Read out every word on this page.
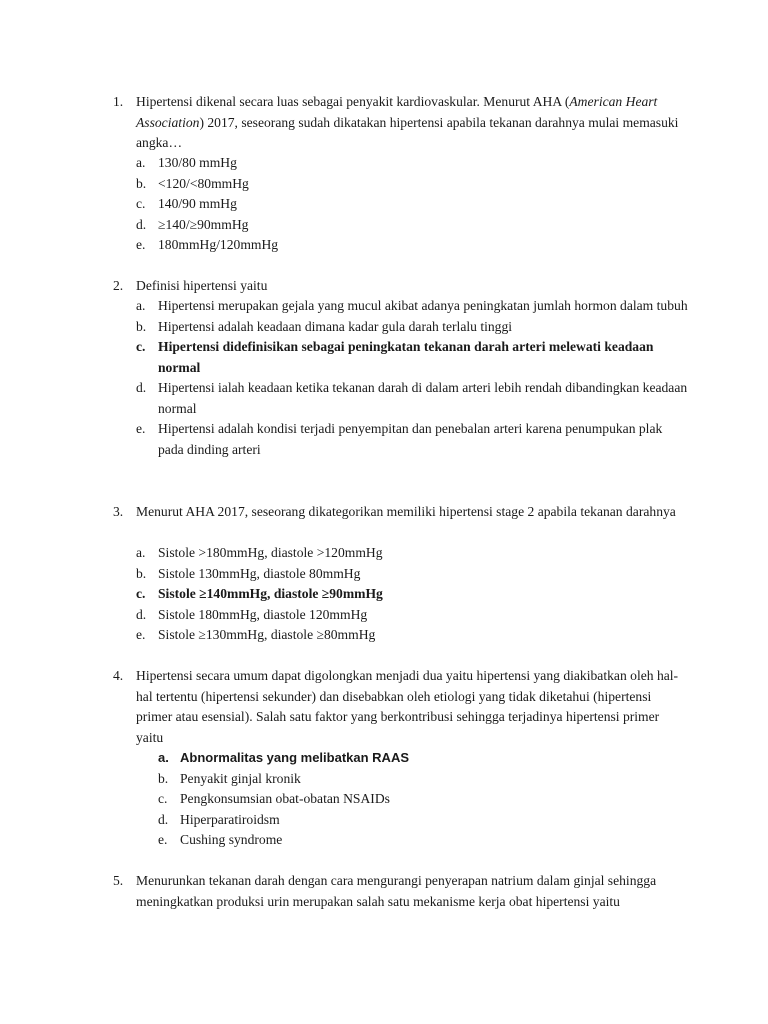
1. Hipertensi dikenal secara luas sebagai penyakit kardiovaskular. Menurut AHA (American Heart Association) 2017, seseorang sudah dikatakan hipertensi apabila tekanan darahnya mulai memasuki angka…
a. 130/80 mmHg
b. <120/<80mmHg
c. 140/90 mmHg
d. ≥140/≥90mmHg
e. 180mmHg/120mmHg
2. Definisi hipertensi yaitu
a. Hipertensi merupakan gejala yang mucul akibat adanya peningkatan jumlah hormon dalam tubuh
b. Hipertensi adalah keadaan dimana kadar gula darah terlalu tinggi
c. Hipertensi didefinisikan sebagai peningkatan tekanan darah arteri melewati keadaan normal
d. Hipertensi ialah keadaan ketika tekanan darah di dalam arteri lebih rendah dibandingkan keadaan normal
e. Hipertensi adalah kondisi terjadi penyempitan dan penebalan arteri karena penumpukan plak pada dinding arteri
3. Menurut AHA 2017, seseorang dikategorikan memiliki hipertensi stage 2 apabila tekanan darahnya
a. Sistole >180mmHg, diastole >120mmHg
b. Sistole 130mmHg, diastole 80mmHg
c. Sistole ≥140mmHg, diastole ≥90mmHg
d. Sistole 180mmHg, diastole 120mmHg
e. Sistole ≥130mmHg, diastole ≥80mmHg
4. Hipertensi secara umum dapat digolongkan menjadi dua yaitu hipertensi yang diakibatkan oleh hal-hal tertentu (hipertensi sekunder) dan disebabkan oleh etiologi yang tidak diketahui (hipertensi primer atau esensial). Salah satu faktor yang berkontribusi sehingga terjadinya hipertensi primer yaitu
a. Abnormalitas yang melibatkan RAAS
b. Penyakit ginjal kronik
c. Pengkonsumsian obat-obatan NSAIDs
d. Hiperparatiroidsm
e. Cushing syndrome
5. Menurunkan tekanan darah dengan cara mengurangi penyerapan natrium dalam ginjal sehingga meningkatkan produksi urin merupakan salah satu mekanisme kerja obat hipertensi yaitu
